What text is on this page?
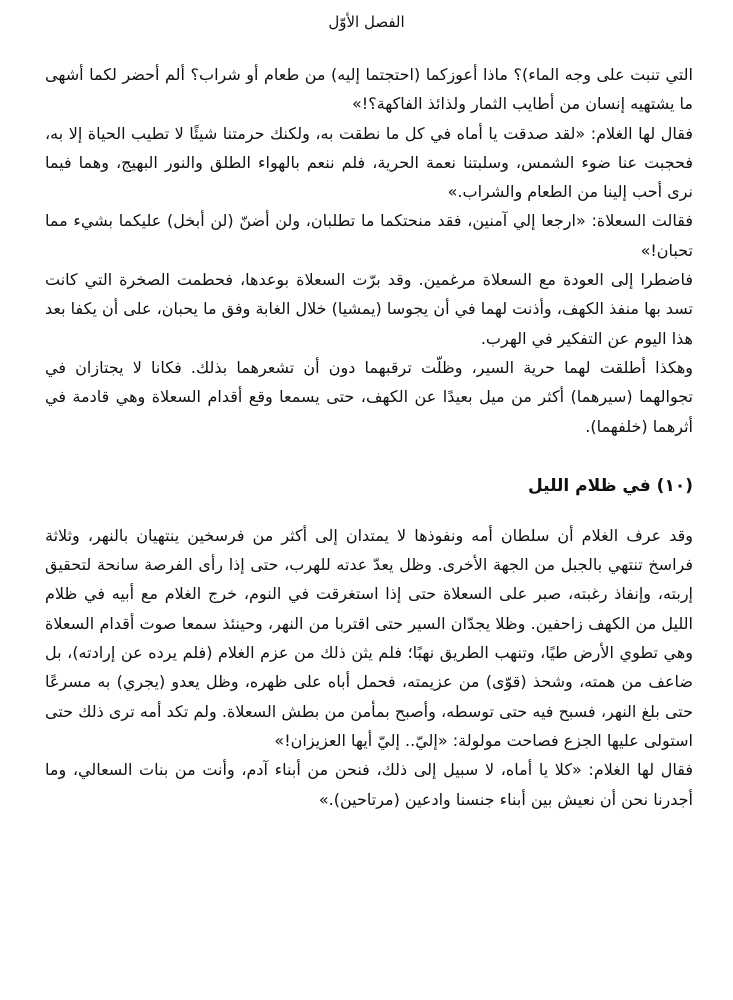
الفصل الأوّل

التي تنبت على وجه الماء)؟ ماذا أعوزكما (احتجتما إليه) من طعام أو شراب؟ ألم أحضر لكما أشهى ما يشتهيه إنسان من أطايب الثمار ولذائذ الفاكهة؟!»

فقال لها الغلام: «لقد صدقت يا أماه في كل ما نطقت به، ولكنك حرمتنا شيئًا لا تطيب الحياة إلا به، فحجبت عنا ضوء الشمس، وسلبتنا نعمة الحرية، فلم ننعم بالهواء الطلق والنور البهيج، وهما فيما نرى أحب إلينا من الطعام والشراب.»

فقالت السعلاة: «ارجعا إلي آمنين، فقد منحتكما ما تطلبان، ولن أضنّ (لن أبخل) عليكما بشيء مما تحبان!»

فاضطرا إلى العودة مع السعلاة مرغمين. وقد برّت السعلاة بوعدها، فحطمت الصخرة التي كانت تسد بها منفذ الكهف، وأذنت لهما في أن يجوسا (يمشيا) خلال الغابة وفق ما يحبان، على أن يكفا بعد هذا اليوم عن التفكير في الهرب.

وهكذا أطلقت لهما حرية السير، وظلّت ترقبهما دون أن تشعرهما بذلك. فكانا لا يجتازان في تجوالهما (سيرهما) أكثر من ميل بعيدًا عن الكهف، حتى يسمعا وقع أقدام السعلاة وهي قادمة في أثرهما (خلفهما).

(١٠) في ظلام الليل

وقد عرف الغلام أن سلطان أمه ونفوذها لا يمتدان إلى أكثر من فرسخين ينتهيان بالنهر، وثلاثة فراسخ تنتهي بالجبل من الجهة الأخرى. وظل يعدّ عدته للهرب، حتى إذا رأى الفرصة سانحة لتحقيق إربته، وإنفاذ رغبته، صبر على السعلاة حتى إذا استغرقت في النوم، خرج الغلام مع أبيه في ظلام الليل من الكهف زاحفين. وظلا يجدّان السير حتى اقتربا من النهر، وحينئذ سمعا صوت أقدام السعلاة وهي تطوي الأرض طيًا، وتنهب الطريق نهبًا؛ فلم يثن ذلك من عزم الغلام (فلم يرده عن إرادته)، بل ضاعف من همته، وشحذ (قوّى) من عزيمته، فحمل أباه على ظهره، وظل يعدو (يجري) به مسرعًا حتى بلغ النهر، فسبح فيه حتى توسطه، وأصبح بمأمن من بطش السعلاة. ولم تكد أمه ترى ذلك حتى استولى عليها الجزع فصاحت مولولة: «إليّ.. إليّ أيها العزيزان!»

فقال لها الغلام: «كلا يا أماه، لا سبيل إلى ذلك، فنحن من أبناء آدم، وأنت من بنات السعالي، وما أجدرنا نحن أن نعيش بين أبناء جنسنا وادعين (مرتاحين).»
